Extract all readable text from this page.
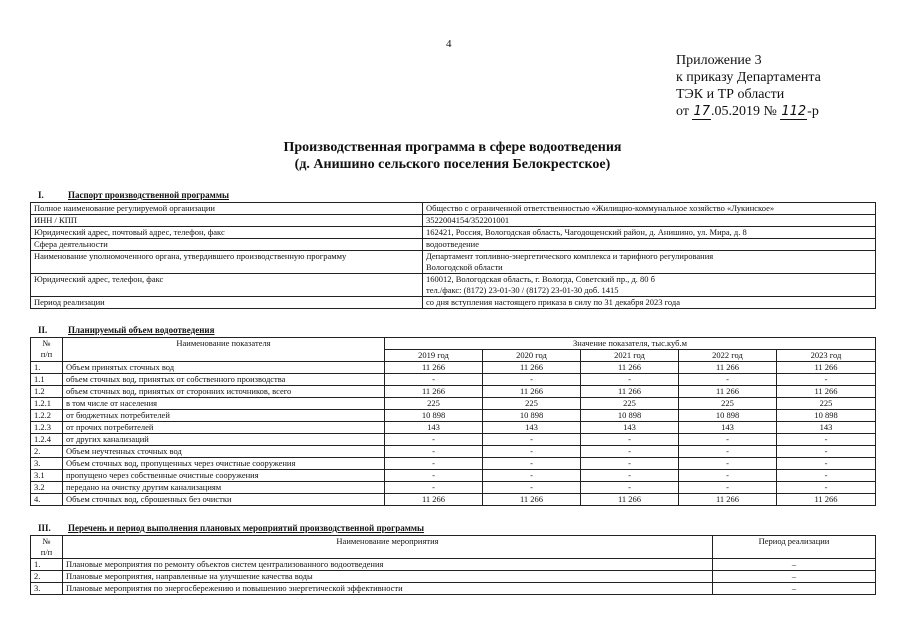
4
Приложение 3
к приказу Департамента
ТЭК и ТР области
от 17.05.2019 № 112-р
Производственная программа в сфере водоотведения
(д. Анишино сельского поселения Белокрестское)
I.	Паспорт производственной программы
Полное наименование регулируемой организации	Общество с ограниченной ответственностью «Жилищно-коммунальное хозяйство «Лукинское»
ИНН / КПП	3522004154/352201001
Юридический адрес, почтовый адрес, телефон, факс	162421, Россия, Вологодская область, Чагодощенский район, д. Анишино, ул. Мира, д. 8
Сфера деятельности	водоотведение
Наименование уполномоченного органа, утвердившего производственную программу	Департамент топливно-энергетического комплекса и тарифного регулирования
Вологодской области

Юридический адрес, телефон, факс	160012, Вологодская область, г. Вологда, Советский пр., д. 80 б
тел./факс: (8172) 23-01-30 / (8172) 23-01-30 доб. 1415

Период реализации	со дня вступления настоящего приказа в силу по 31 декабря 2023 года
II. Планируемый объем водоотведения
№
п/п	Наименование показателя	Значение показателя, тыс.куб.м				
		2019 год	2020 год	2021 год	2022 год	2023 год
1.	Объем принятых сточных вод	11 266	11 266	11 266	11 266	11 266
1.1	объем сточных вод, принятых от собственного производства	-	-	-	-	-
1.2	объем сточных вод, принятых от сторонних источников, всего	11 266	11 266	11 266	11 266	11 266
1.2.1	в том числе от населения	225	225	225	225	225
1.2.2	от бюджетных потребителей	10 898	10 898	10 898	10 898	10 898
1.2.3	от прочих потребителей	143	143	143	143	143
1.2.4	от других канализаций	-	-	-	-	-
2.	Объем неучтенных сточных вод	-	-	-	-	-
3.	Объем сточных вод, пропущенных через очистные сооружения	-	-	-	-	-
3.1	пропущено через собственные очистные сооружения	-	-	-	-	-
3.2	передано на очистку другим канализациям	-	-	-	-	-
4.	Объем сточных вод, сброшенных без очистки	11 266	11 266	11 266	11 266	11 266
III. Перечень и период выполнения плановых мероприятий производственной программы
№
п/п	Наименование мероприятия	Период реализации
1.	Плановые мероприятия по ремонту объектов систем централизованного водоотведения	–
2.	Плановые мероприятия, направленные на улучшение качества воды	–
3.	Плановые мероприятия по энергосбережению и повышению энергетической эффективности	–
